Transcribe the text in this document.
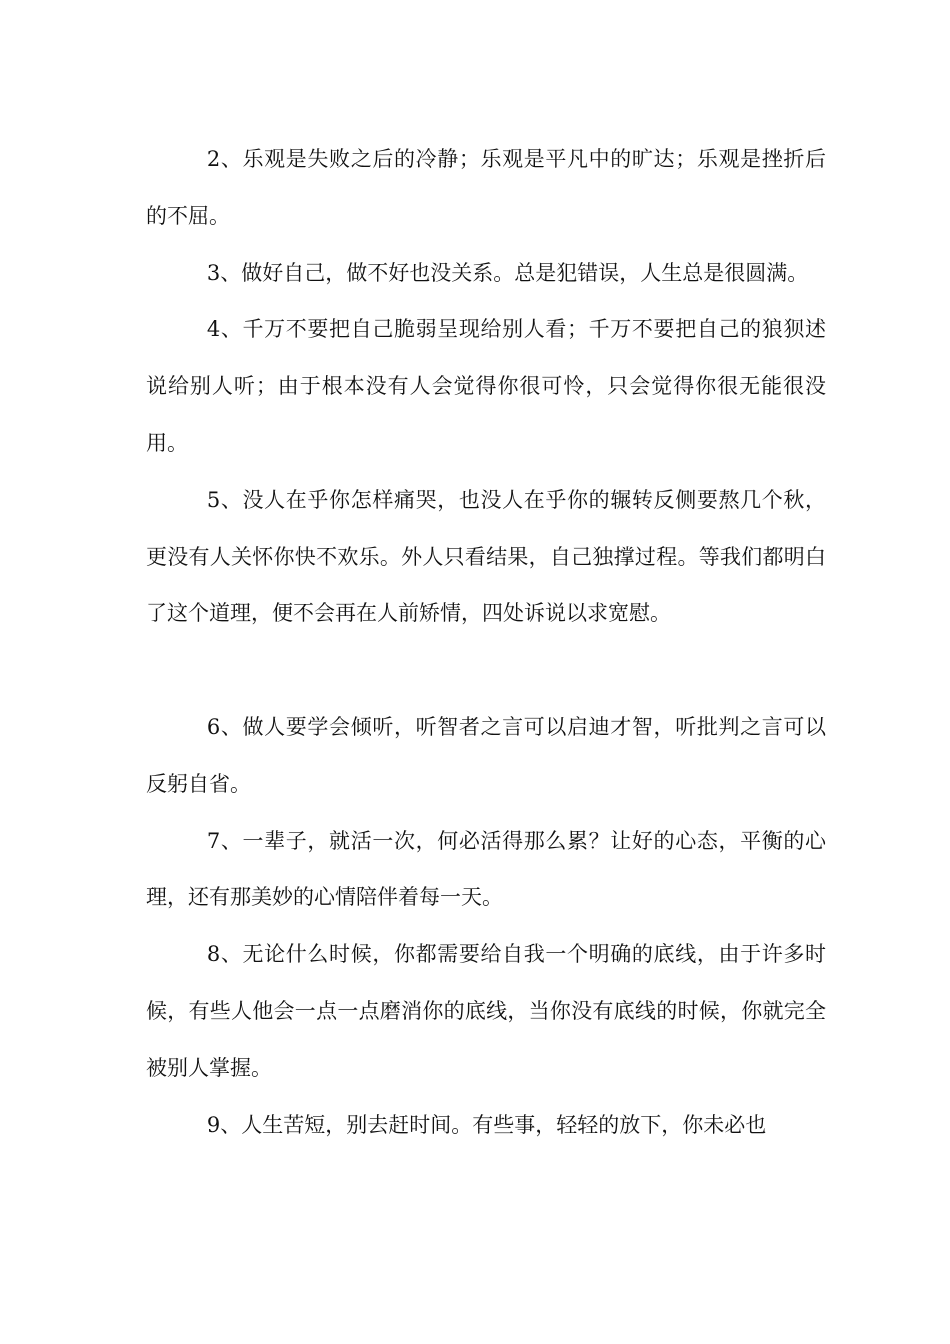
2、乐观是失败之后的冷静；乐观是平凡中的旷达；乐观是挫折后的不屈。

3、做好自己，做不好也没关系。总是犯错误，人生总是很圆满。

4、千万不要把自己脆弱呈现给别人看；千万不要把自己的狼狈述说给别人听；由于根本没有人会觉得你很可怜，只会觉得你很无能很没用。

5、没人在乎你怎样痛哭，也没人在乎你的辗转反侧要熬几个秋，更没有人关怀你快不欢乐。外人只看结果，自己独撑过程。等我们都明白了这个道理，便不会再在人前矫情，四处诉说以求宽慰。

6、做人要学会倾听，听智者之言可以启迪才智，听批判之言可以反躬自省。

7、一辈子，就活一次，何必活得那么累？让好的心态，平衡的心理，还有那美妙的心情陪伴着每一天。

8、无论什么时候，你都需要给自我一个明确的底线，由于许多时候，有些人他会一点一点磨消你的底线，当你没有底线的时候，你就完全被别人掌握。

9、人生苦短，别去赶时间。有些事，轻轻的放下，你未必也
